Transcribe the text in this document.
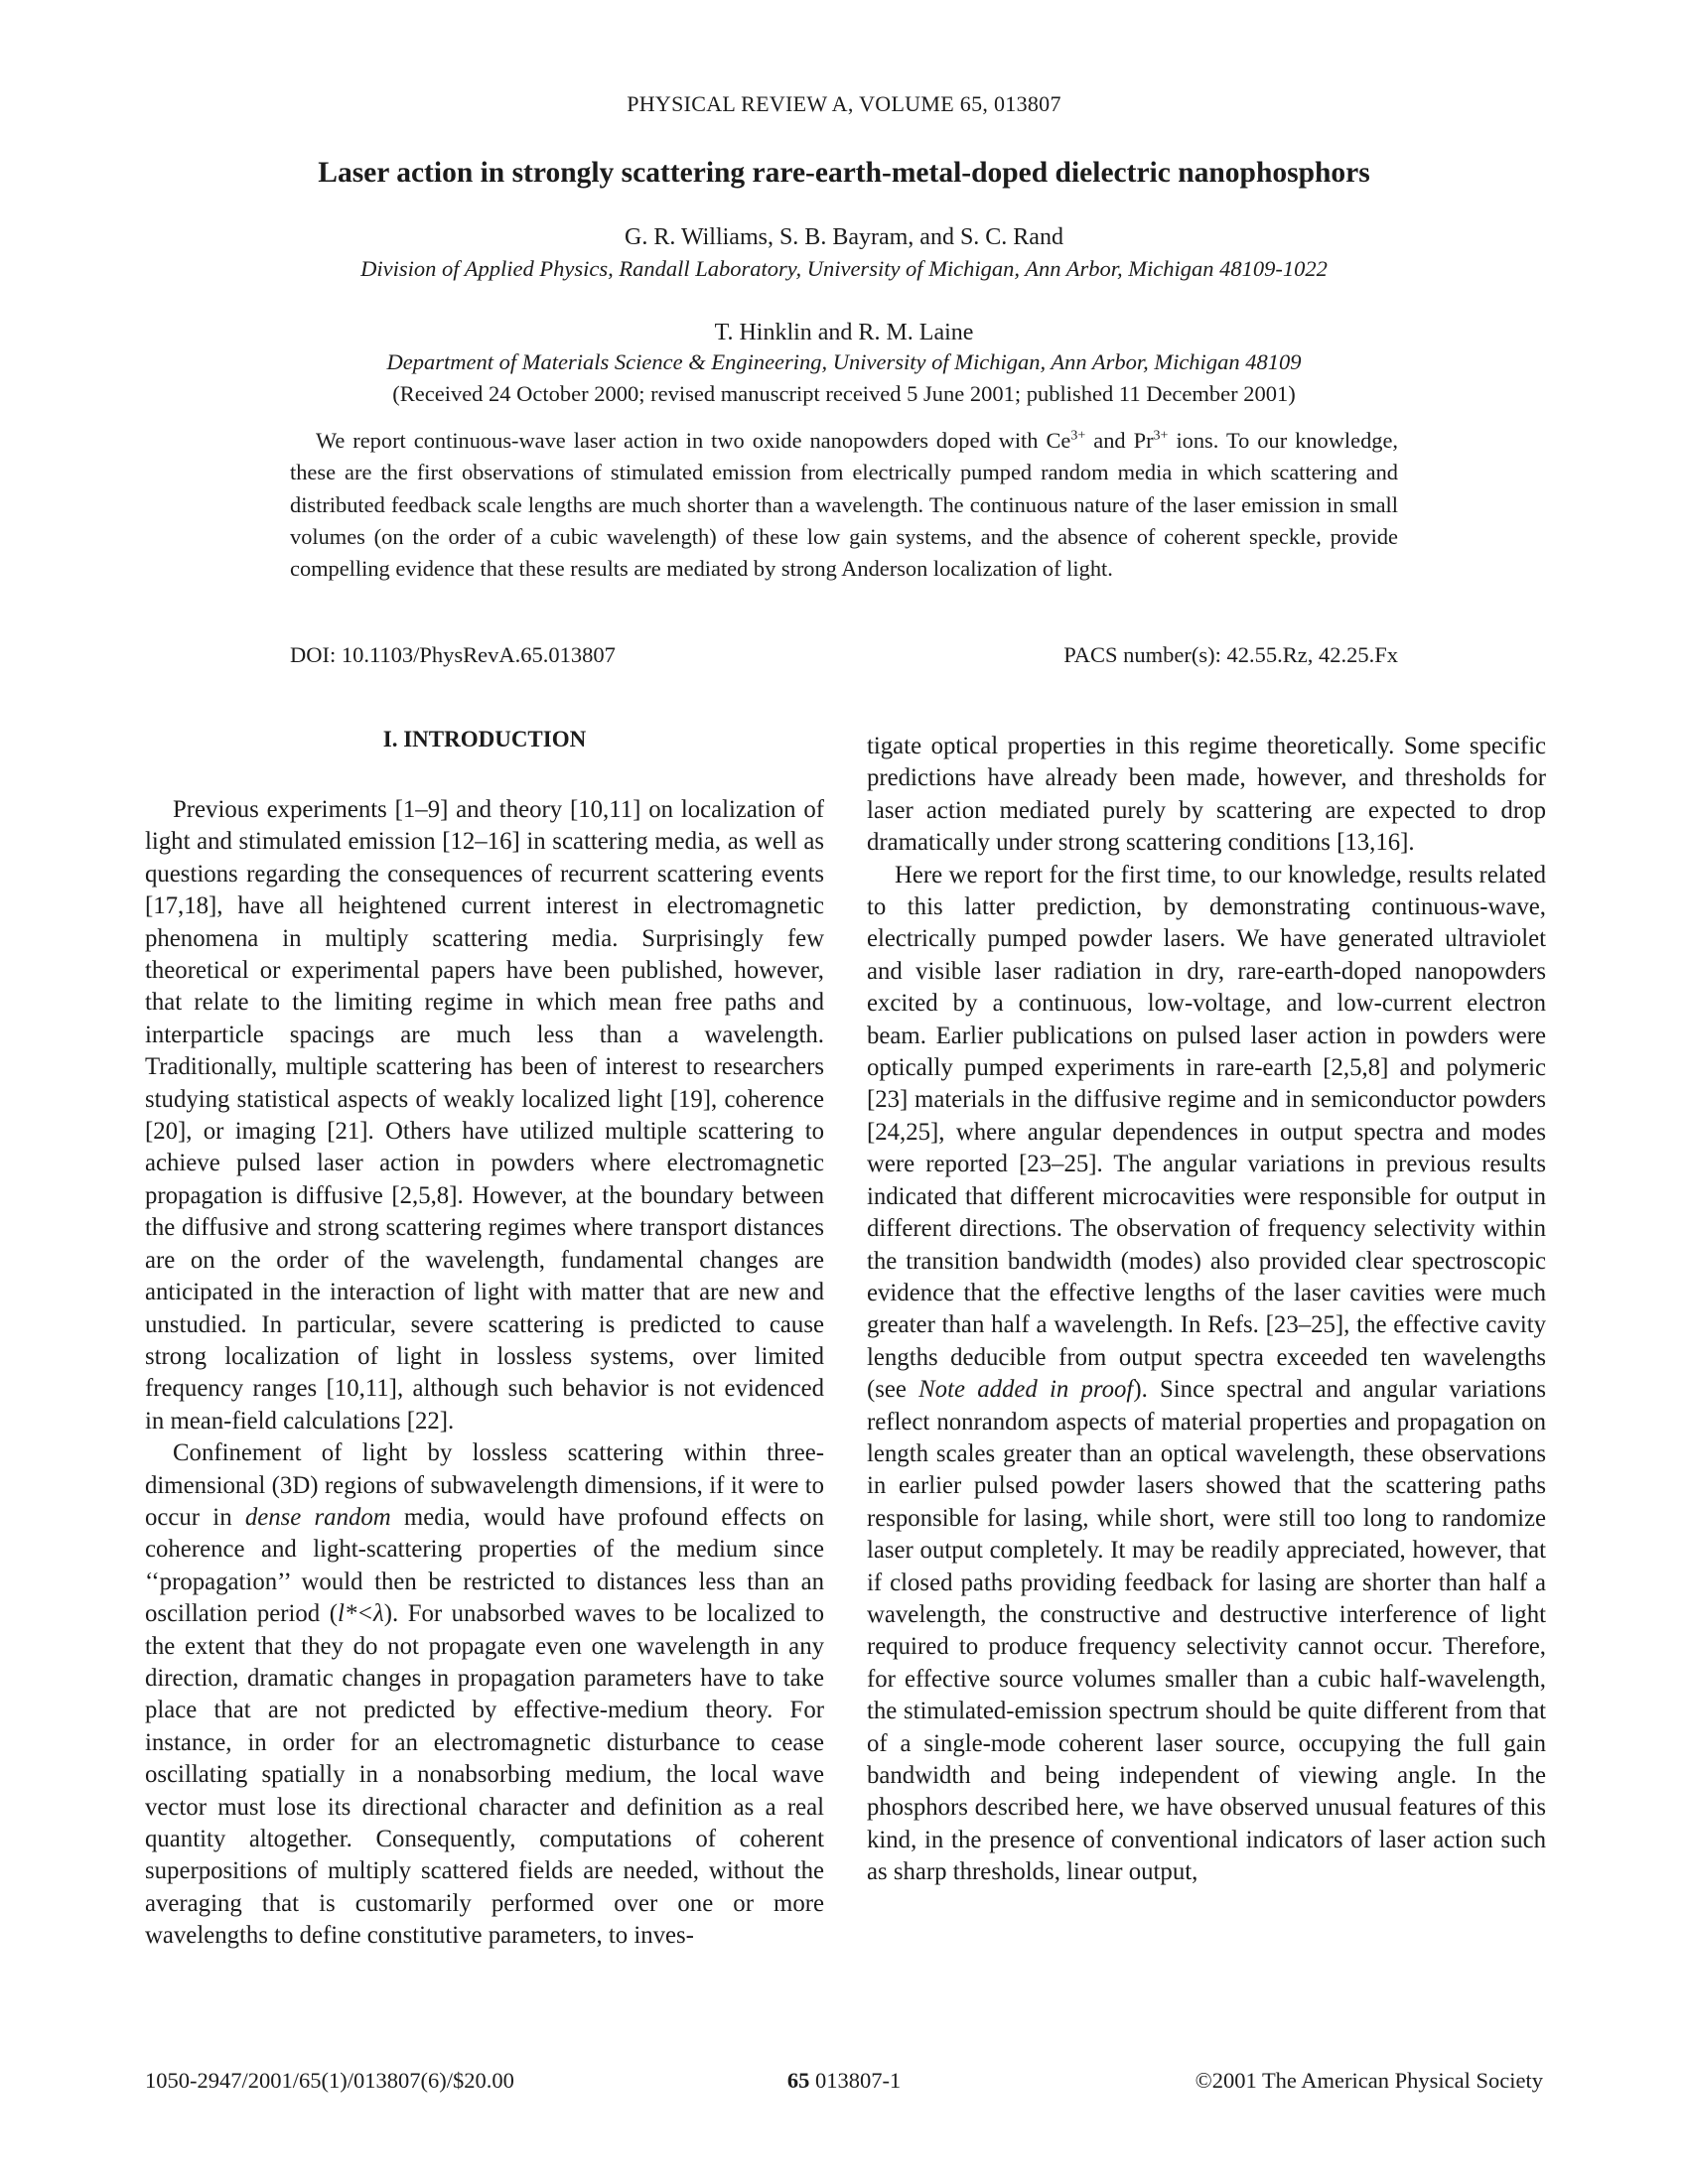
PHYSICAL REVIEW A, VOLUME 65, 013807
Laser action in strongly scattering rare-earth-metal-doped dielectric nanophosphors
G. R. Williams, S. B. Bayram, and S. C. Rand
Division of Applied Physics, Randall Laboratory, University of Michigan, Ann Arbor, Michigan 48109-1022
T. Hinklin and R. M. Laine
Department of Materials Science & Engineering, University of Michigan, Ann Arbor, Michigan 48109
(Received 24 October 2000; revised manuscript received 5 June 2001; published 11 December 2001)

We report continuous-wave laser action in two oxide nanopowders doped with $Ce^{3+}$ and $Pr^{3+}$ ions. To our knowledge, these are the first observations of stimulated emission from electrically pumped random media in which scattering and distributed feedback scale lengths are much shorter than a wavelength. The continuous nature of the laser emission in small volumes (on the order of a cubic wavelength) of these low gain systems, and the absence of coherent speckle, provide compelling evidence that these results are mediated by strong Anderson localization of light.

DOI: 10.1103/PhysRevA.65.013807	PACS number(s): 42.55.Rz, 42.25.Fx
I. INTRODUCTION

Previous experiments [1–9] and theory [10,11] on localization of light and stimulated emission [12–16] in scattering media, as well as questions regarding the consequences of recurrent scattering events [17,18], have all heightened current interest in electromagnetic phenomena in multiply scattering media. Surprisingly few theoretical or experimental papers have been published, however, that relate to the limiting regime in which mean free paths and interparticle spacings are much less than a wavelength. Traditionally, multiple scattering has been of interest to researchers studying statistical aspects of weakly localized light [19], coherence [20], or imaging [21]. Others have utilized multiple scattering to achieve pulsed laser action in powders where electromagnetic propagation is diffusive [2,5,8]. However, at the boundary between the diffusive and strong scattering regimes where transport distances are on the order of the wavelength, fundamental changes are anticipated in the interaction of light with matter that are new and unstudied. In particular, severe scattering is predicted to cause strong localization of light in lossless systems, over limited frequency ranges [10,11], although such behavior is not evidenced in mean-field calculations [22].

Confinement of light by lossless scattering within three-dimensional (3D) regions of subwavelength dimensions, if it were to occur in dense random media, would have profound effects on coherence and light-scattering properties of the medium since ‘‘propagation’’ would then be restricted to distances less than an oscillation period (l*<λ). For unabsorbed waves to be localized to the extent that they do not propagate even one wavelength in any direction, dramatic changes in propagation parameters have to take place that are not predicted by effective-medium theory. For instance, in order for an electromagnetic disturbance to cease oscillating spatially in a nonabsorbing medium, the local wave vector must lose its directional character and definition as a real quantity altogether. Consequently, computations of coherent superpositions of multiply scattered fields are needed, without the averaging that is customarily performed over one or more wavelengths to define constitutive parameters, to inves-

tigate optical properties in this regime theoretically. Some specific predictions have already been made, however, and thresholds for laser action mediated purely by scattering are expected to drop dramatically under strong scattering conditions [13,16].

Here we report for the first time, to our knowledge, results related to this latter prediction, by demonstrating continuous-wave, electrically pumped powder lasers. We have generated ultraviolet and visible laser radiation in dry, rare-earth-doped nanopowders excited by a continuous, low-voltage, and low-current electron beam. Earlier publications on pulsed laser action in powders were optically pumped experiments in rare-earth [2,5,8] and polymeric [23] materials in the diffusive regime and in semiconductor powders [24,25], where angular dependences in output spectra and modes were reported [23–25]. The angular variations in previous results indicated that different microcavities were responsible for output in different directions. The observation of frequency selectivity within the transition bandwidth (modes) also provided clear spectroscopic evidence that the effective lengths of the laser cavities were much greater than half a wavelength. In Refs. [23–25], the effective cavity lengths deducible from output spectra exceeded ten wavelengths (see Note added in proof). Since spectral and angular variations reflect nonrandom aspects of material properties and propagation on length scales greater than an optical wavelength, these observations in earlier pulsed powder lasers showed that the scattering paths responsible for lasing, while short, were still too long to randomize laser output completely. It may be readily appreciated, however, that if closed paths providing feedback for lasing are shorter than half a wavelength, the constructive and destructive interference of light required to produce frequency selectivity cannot occur. Therefore, for effective source volumes smaller than a cubic half-wavelength, the stimulated-emission spectrum should be quite different from that of a single-mode coherent laser source, occupying the full gain bandwidth and being independent of viewing angle. In the phosphors described here, we have observed unusual features of this kind, in the presence of conventional indicators of laser action such as sharp thresholds, linear output,

1050-2947/2001/65(1)/013807(6)/$20.00	65 013807-1	©2001 The American Physical Society
